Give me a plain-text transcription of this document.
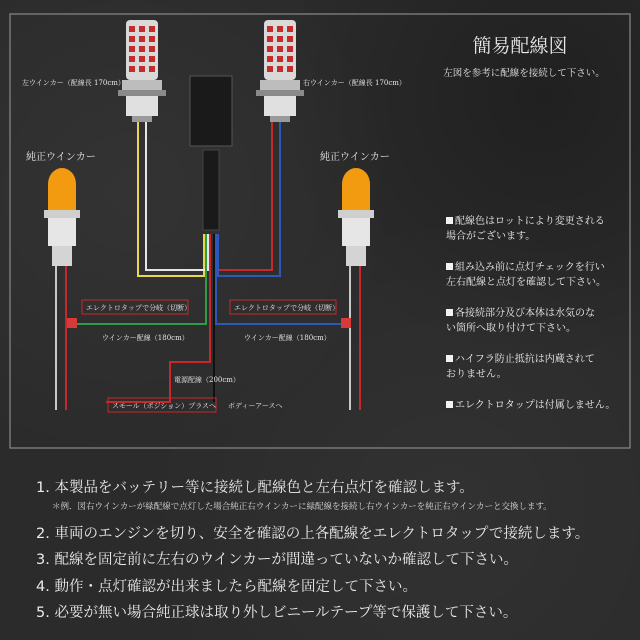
簡易配線図
左図を参考に配線を接続して下さい。
左ウインカー（配線長 170cm）	右ウインカー（配線長 170cm）
純正ウインカー	純正ウインカー
エレクトロタップで分岐（切断）	エレクトロタップで分岐（切断）
ウインカー配線（180cm）	ウインカー配線（180cm）
電源配線（200cm）
スモール（ポジション）プラスへ ボディーアースへ
配線色はロットにより変更される
場合がございます。
組み込み前に点灯チェックを行い
左右配線と点灯を確認して下さい。
各接続部分及び本体は水気のな
い箇所へ取り付けて下さい。
ハイフラ防止抵抗は内蔵されて
おりません。
エレクトロタップは付属しません。
1. 本製品をバッテリー等に接続し配線色と左右点灯を確認します。
＊例．図右ウインカーが緑配線で点灯した場合純正右ウインカーに緑配線を接続し右ウインカーを純正右ウインカーと交換します。
2. 車両のエンジンを切り、安全を確認の上各配線をエレクトロタップで接続します。
3. 配線を固定前に左右のウインカーが間違っていないか確認して下さい。
4. 動作・点灯確認が出来ましたら配線を固定して下さい。
5. 必要が無い場合純正球は取り外しビニールテープ等で保護して下さい。
